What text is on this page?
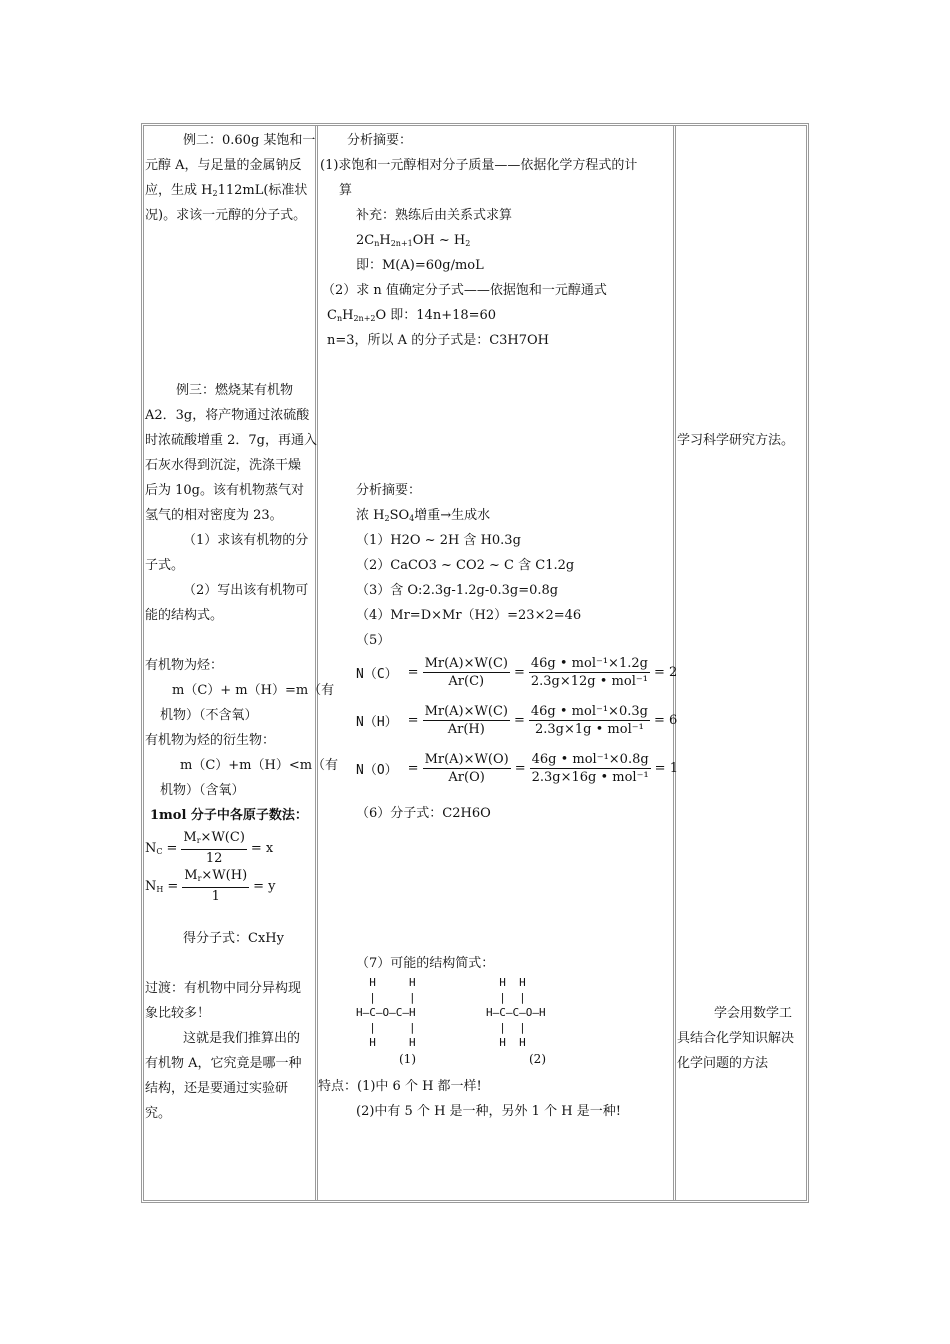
例二：0.60g 某饱和一
元醇 A，与足量的金属钠反
应，生成 $H_2112mL$(标准状
况)。求该一元醇的分子式。
例三：燃烧某有机物
A2．3g，将产物通过浓硫酸
时浓硫酸增重 2．7g，再通入
石灰水得到沉淀，洗涤干燥
后为 10g。该有机物蒸气对
氢气的相对密度为 23。
（1）求该有机物的分
子式。
（2）写出该有机物可
能的结构式。
有机物为烃：
m（C）+ m（H）=m（有
机物）（不含氧）
有机物为烃的衍生物：
m（C）+m（H）<m（有
机物）（含氧）
1mol 分子中各原子数法：
$N_C = \frac{M_r\times W(C)}{12} = x$
$N_H = \frac{M_r\times W(H)}{1} = y$
得分子式：CxHy
过渡：有机物中同分异构现
象比较多！
这就是我们推算出的
有机物 A，它究竟是哪一种
结构，还是要通过实验研
究。
分析摘要：
(1)求饱和一元醇相对分子质量——依据化学方程式的计
算
补充：熟练后由关系式求算
$2C_nH_{2n+1}OH$ ~ $H_2$
即：M(A)=60g/moL
（2）求 n 值确定分子式——依据饱和一元醇通式
$C_nH_{2n+2}O$ 即：14n+18=60
n=3，所以 A 的分子式是：C3H7OH
分析摘要：
浓 $H_2SO_4$增重→生成水
（1）H2O ~ 2H 含 H0.3g
（2）CaCO3 ~ CO2 ~ C 含 C1.2g
（3）含 O:2.3g-1.2g-0.3g=0.8g
（4）Mr=D×Mr（H2）=23×2=46
（5）
$N(C) = \frac{Mr(A)\times W(C)}{Ar(C)} = \frac{\text{46g • mol⁻¹×1.2g}}{\text{2.3g×12g • mol⁻¹}} = 2$
$N(H) = \frac{Mr(A)\times W(C)}{Ar(H)} = \frac{\text{46g • mol⁻¹×0.3g}}{\text{2.3g×1g • mol⁻¹}} = 6$
$N(O) = \frac{Mr(A)\times W(O)}{Ar(O)} = \frac{\text{46g • mol⁻¹×0.8g}}{\text{2.3g×16g • mol⁻¹}} = 1$
（6）分子式：C2H6O
（7）可能的结构简式：
H     H
|     |
H—C—O—C—H
|     |
H     H
(1)
H  H
|  |
H—C—C—O—H
|  |
H  H
(2)
特点：(1)中 6 个 H 都一样!
(2)中有 5 个 H 是一种，另外 1 个 H 是一种!
学习科学研究方法。
学会用数学工
具结合化学知识解决
化学问题的方法
